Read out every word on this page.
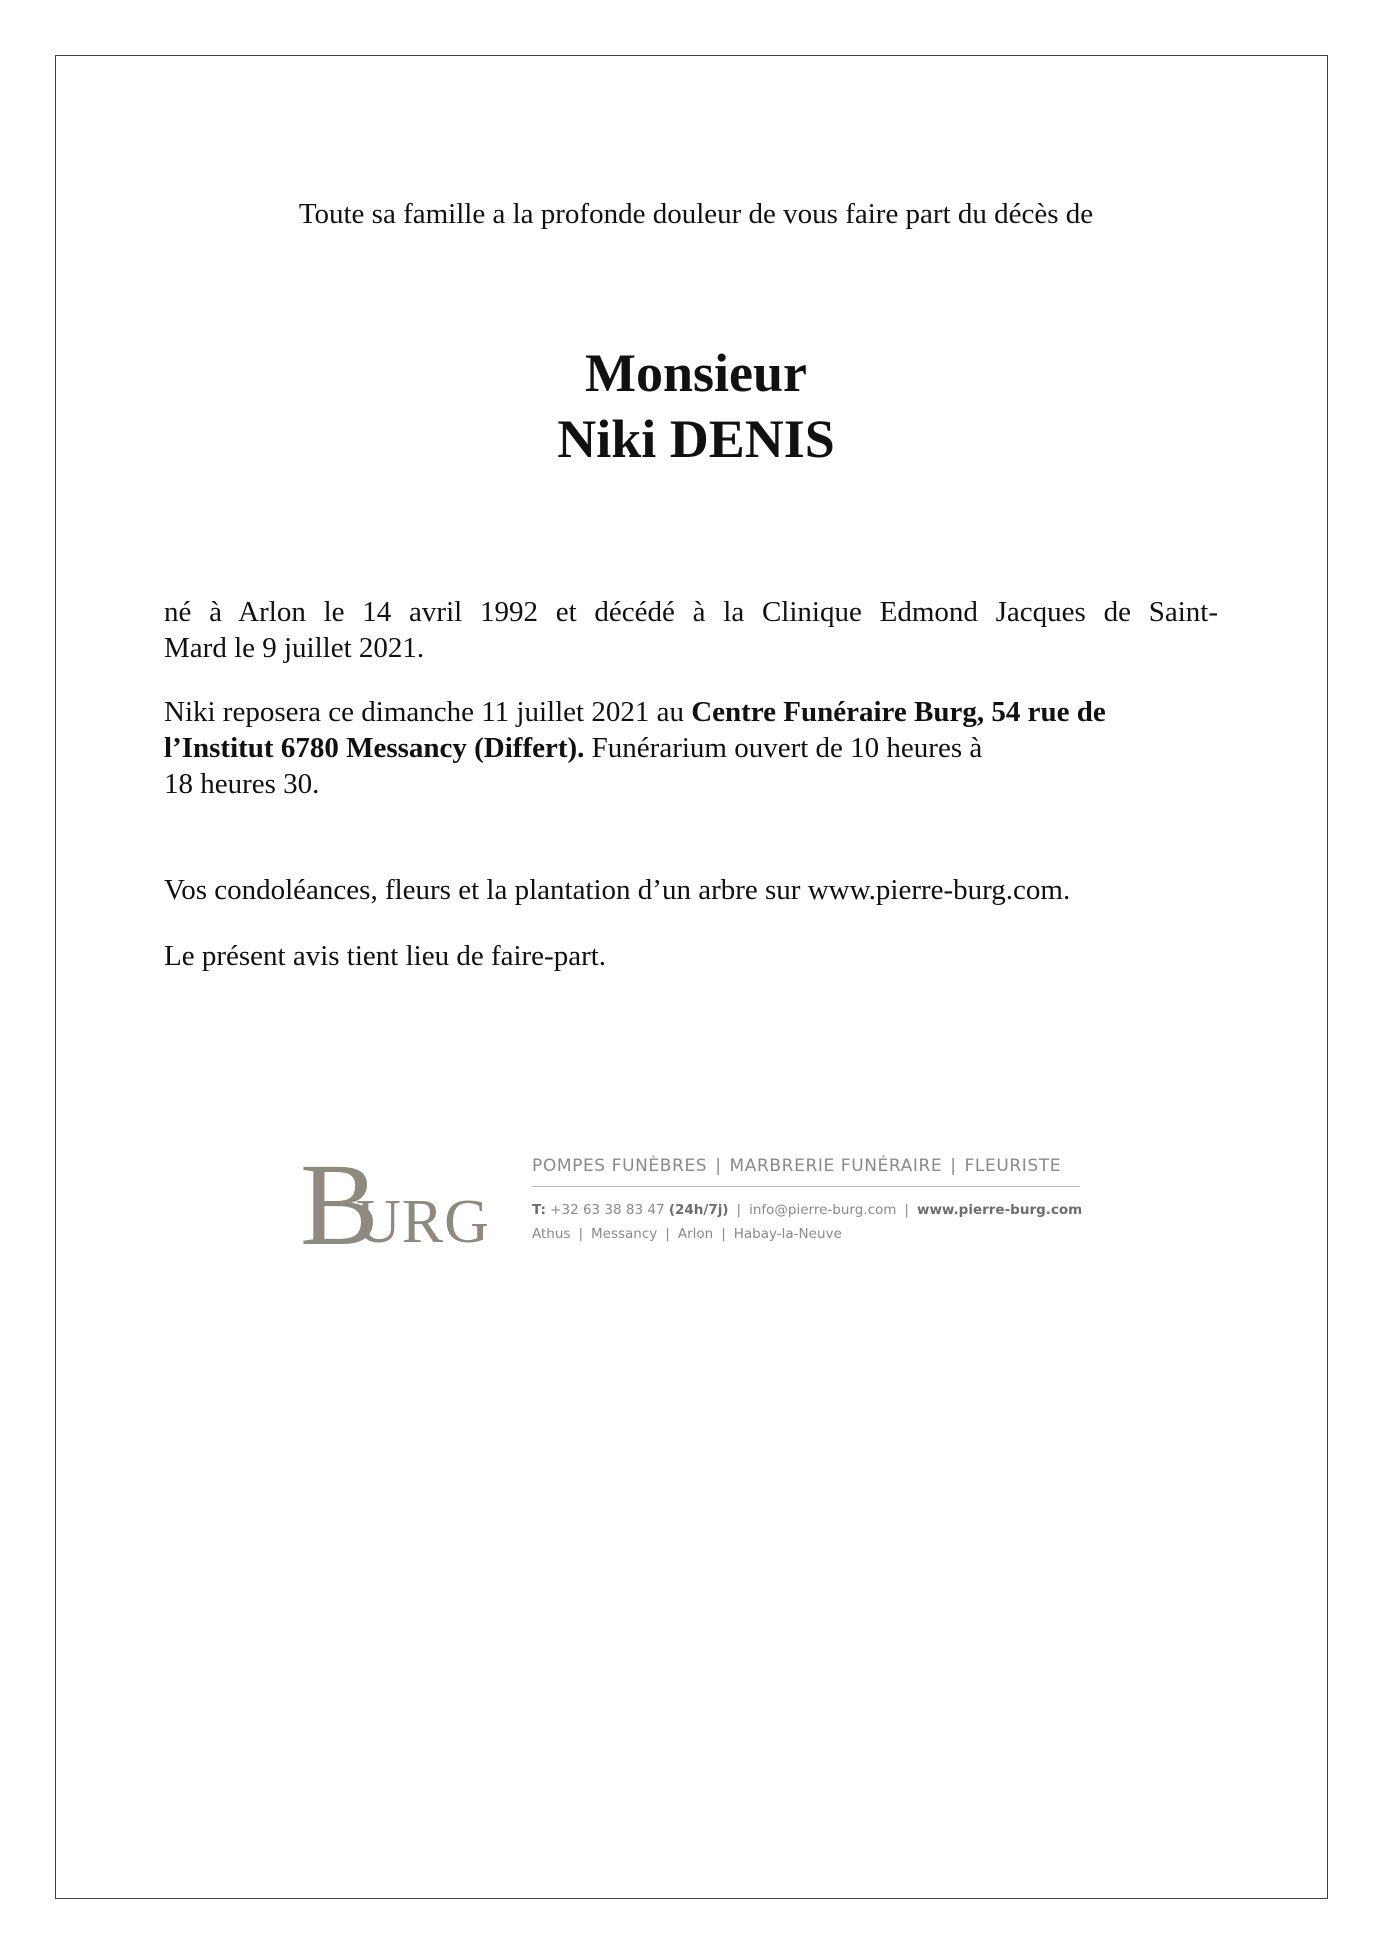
Toute sa famille a la profonde douleur de vous faire part du décès de
Monsieur
Niki DENIS
né à Arlon le 14 avril 1992 et décédé à la Clinique Edmond Jacques de Saint-
Mard le 9 juillet 2021.
Niki reposera ce dimanche 11 juillet 2021 au Centre Funéraire Burg, 54 rue de
l’Institut 6780 Messancy (Differt). Funérarium ouvert de 10 heures à
18 heures 30.
Vos condoléances, fleurs et la plantation d’un arbre sur www.pierre-burg.com.
Le présent avis tient lieu de faire-part.
B
URG
POMPES FUNÈBRES | MARBRERIE FUNÉRAIRE | FLEURISTE
T: +32 63 38 83 47 (24h/7j) | info@pierre-burg.com | www.pierre-burg.com
Athus | Messancy | Arlon | Habay-la-Neuve
